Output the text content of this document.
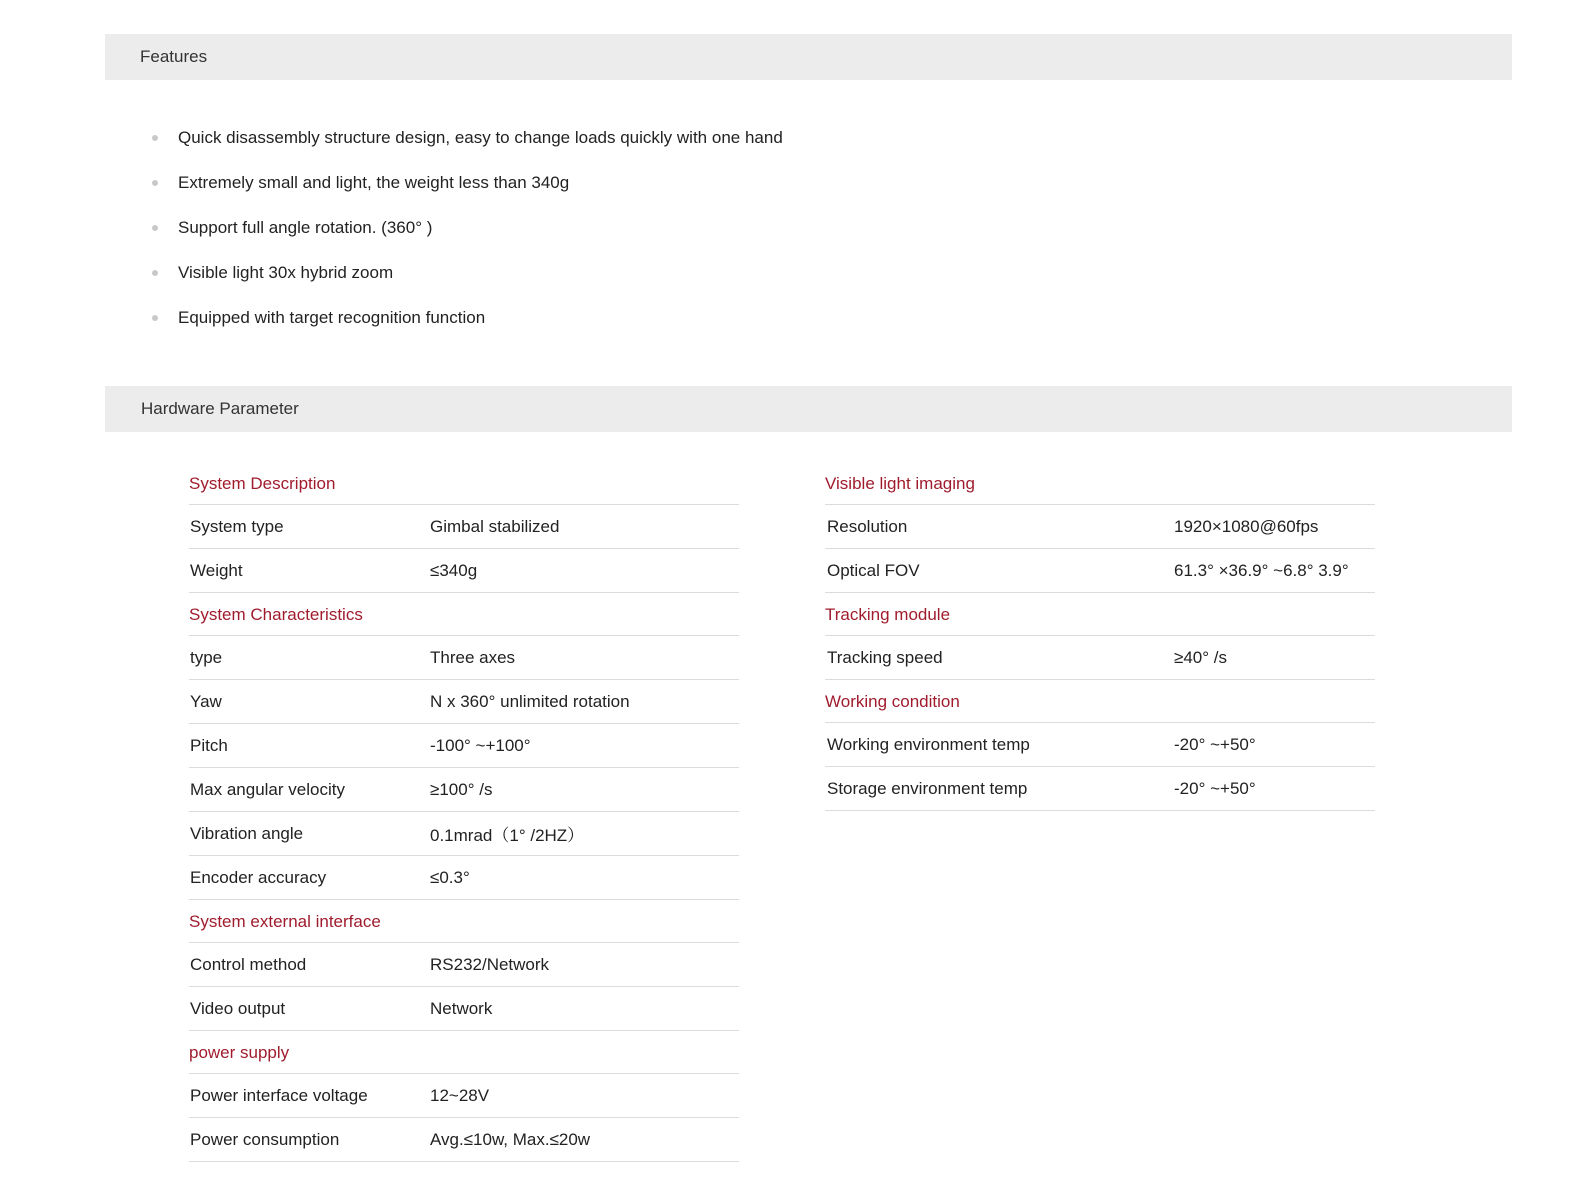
Features
Quick disassembly structure design, easy to change loads quickly with one hand
Extremely small and light, the weight less than 340g
Support full angle rotation. (360° )
Visible light 30x hybrid zoom
Equipped with target recognition function
Hardware Parameter
System Description
System type	Gimbal stabilized
Weight	≤340g
System Characteristics
type	Three axes
Yaw	N x 360° unlimited rotation
Pitch	-100° ~+100°
Max angular velocity	≥100° /s
Vibration angle	0.1mrad（1° /2HZ）
Encoder accuracy	≤0.3°
System external interface
Control method	RS232/Network
Video output	Network
power supply
Power interface voltage	12~28V
Power consumption	Avg.≤10w, Max.≤20w
Visible light imaging
Resolution	1920×1080@60fps
Optical FOV	61.3° ×36.9° ~6.8° 3.9°
Tracking module
Tracking speed	≥40° /s
Working condition
Working environment temp	-20° ~+50°
Storage environment temp	-20° ~+50°
